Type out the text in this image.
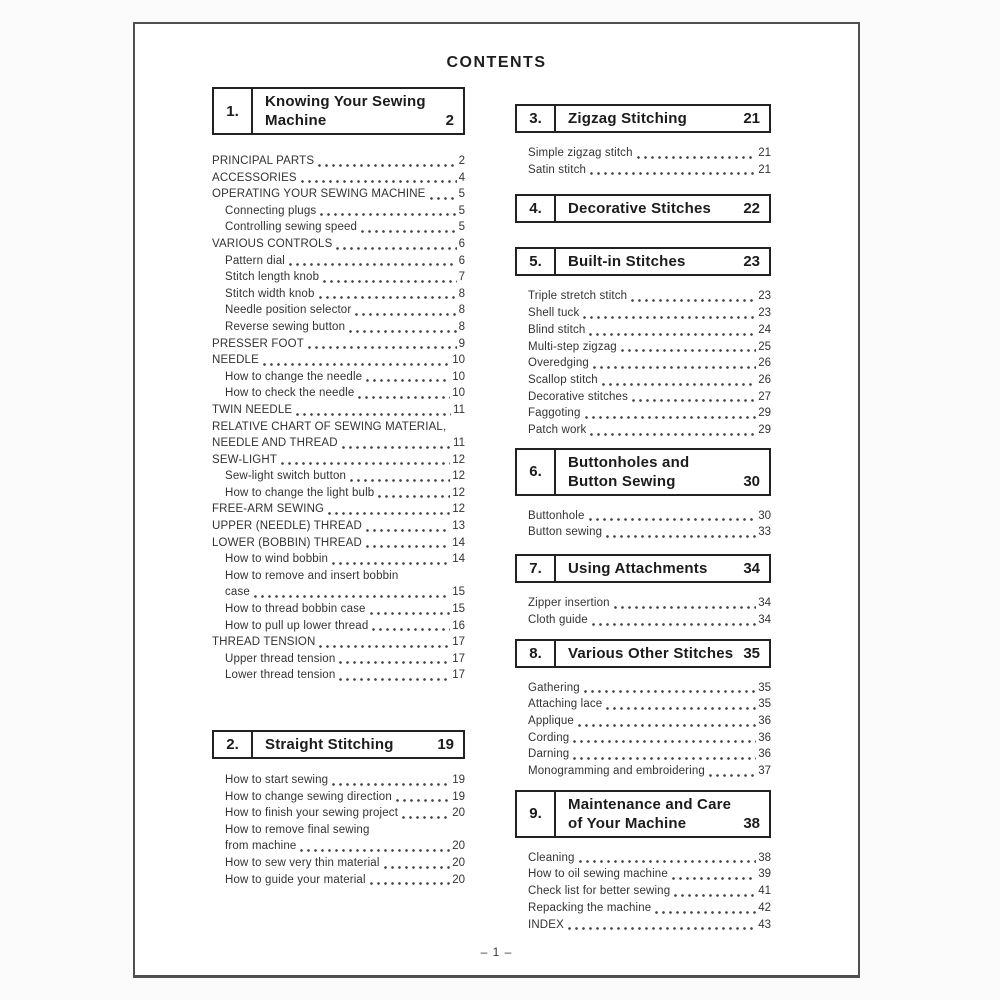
CONTENTS
1.
Knowing Your Sewing
Machine	2
PRINCIPAL PARTS	2
ACCESSORIES	4
OPERATING YOUR SEWING MACHINE	5
Connecting plugs	5
Controlling sewing speed	5
VARIOUS CONTROLS	6
Pattern dial	6
Stitch length knob	7
Stitch width knob	8
Needle position selector	8
Reverse sewing button	8
PRESSER FOOT	9
NEEDLE	10
How to change the needle	10
How to check the needle	10
TWIN NEEDLE	11
RELATIVE CHART OF SEWING MATERIAL,
NEEDLE AND THREAD	11
SEW-LIGHT	12
Sew-light switch button	12
How to change the light bulb	12
FREE-ARM SEWING	12
UPPER (NEEDLE) THREAD	13
LOWER (BOBBIN) THREAD	14
How to wind bobbin	14
How to remove and insert bobbin
case	15
How to thread bobbin case	15
How to pull up lower thread	16
THREAD TENSION	17
Upper thread tension	17
Lower thread tension	17
2.	Straight Stitching	19
How to start sewing	19
How to change sewing direction	19
How to finish your sewing project	20
How to remove final sewing
from machine	20
How to sew very thin material	20
How to guide your material	20
3.	Zigzag Stitching	21
Simple zigzag stitch	21
Satin stitch	21
4.	Decorative Stitches	22
5.	Built-in Stitches	23
Triple stretch stitch	23
Shell tuck	23
Blind stitch	24
Multi-step zigzag	25
Overedging	26
Scallop stitch	26
Decorative stitches	27
Faggoting	29
Patch work	29
6.
Buttonholes and
Button Sewing	30
Buttonhole	30
Button sewing	33
7.	Using Attachments	34
Zipper insertion	34
Cloth guide	34
8.	Various Other Stitches 35
Gathering	35
Attaching lace	35
Applique	36
Cording	36
Darning	36
Monogramming and embroidering	37
9.
Maintenance and Care
of Your Machine	38
Cleaning	38
How to oil sewing machine	39
Check list for better sewing	41
Repacking the machine	42
INDEX	43
– 1 –
